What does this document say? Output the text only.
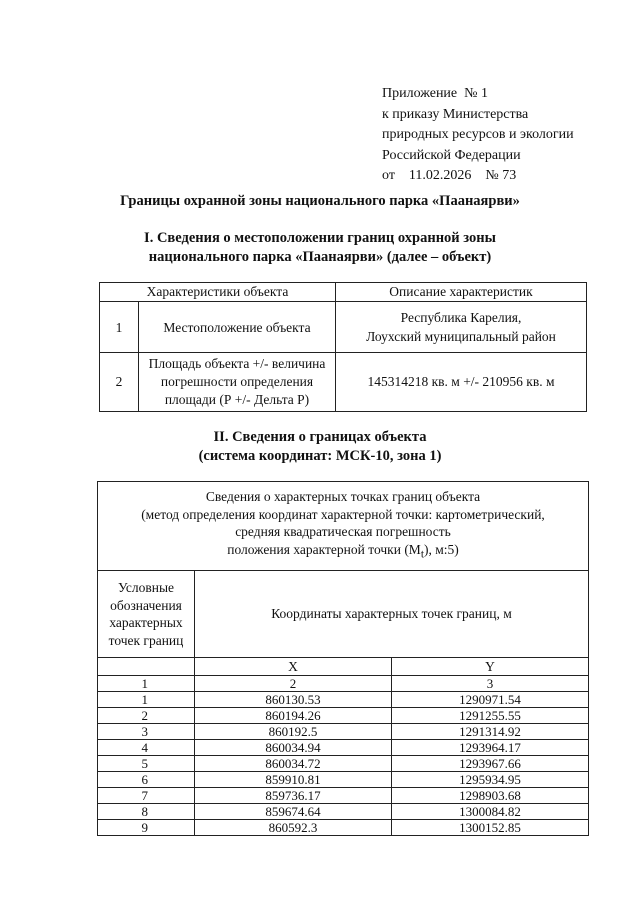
Приложение  № 1
к приказу Министерства
природных ресурсов и экологии
Российской Федерации
от    11.02.2026    № 73
Границы охранной зоны национального парка «Паанаярви»
I. Сведения о местоположении границ охранной зоны
национального парка «Паанаярви» (далее – объект)
Характеристики объекта		Описание характеристик
1	Местоположение объекта	Республика Карелия,
Лоухский муниципальный район

2	Площадь объекта +/- величина
погрешности определения
площади (Р +/- Дельта Р)	145314218 кв. м +/- 210956 кв. м
II. Сведения о границах объекта
(система координат: МСК-10, зона 1)
Сведения о характерных точках границ объекта
(метод определения координат характерной точки: картометрический,
средняя квадратическая погрешность
положения характерной точки $(М_t)$, м:5)		

Условные
обозначения
характерных
точек границ	Координаты характерных точек границ, м	
	X	Y
1	2	3
1	860130.53	1290971.54
2	860194.26	1291255.55
3	860192.5	1291314.92
4	860034.94	1293964.17
5	860034.72	1293967.66
6	859910.81	1295934.95
7	859736.17	1298903.68
8	859674.64	1300084.82
9	860592.3	1300152.85
